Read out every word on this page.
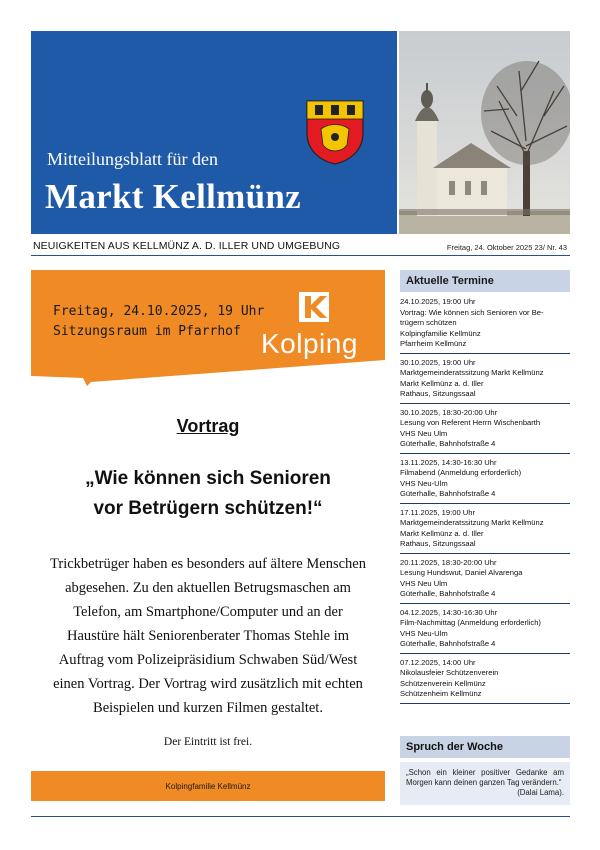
Mitteilungsblatt für den
Markt Kellmünz
NEUIGKEITEN AUS KELLMÜNZ A. D. ILLER UND UMGEBUNG	Freitag, 24. Oktober 2025 23/ Nr. 43
Freitag, 24.10.2025, 19 Uhr
Sitzungsraum im Pfarrhof Kolping
Vortrag
„Wie können sich Senioren
vor Betrügern schützen!“
Trickbetrüger haben es besonders auf ältere Menschen
abgesehen. Zu den aktuellen Betrugsmaschen am
Telefon, am Smartphone/Computer und an der
Haustüre hält Seniorenberater Thomas Stehle im
Auftrag vom Polizeipräsidium Schwaben Süd/West
einen Vortrag. Der Vortrag wird zusätzlich mit echten
Beispielen und kurzen Filmen gestaltet.
Der Eintritt ist frei.
Kolpingfamilie Kellmünz
Aktuelle Termine
24.10.2025, 19:00 Uhr
Vortrag: Wie können sich Senioren vor Be-
trügern schützen
Kolpingfamilie Kellmünz
Pfarrheim Kellmünz
30.10.2025, 19:00 Uhr
Marktgemeinderatssitzung Markt Kellmünz
Markt Kellmünz a. d. Iller
Rathaus, Sitzungssaal
30.10.2025, 18:30-20:00 Uhr
Lesung von Referent Herrn Wischenbarth
VHS Neu Ulm
Güterhalle, Bahnhofstraße 4
13.11.2025, 14:30-16:30 Uhr
Filmabend (Anmeldung erforderlich)
VHS Neu-Ulm
Güterhalle, Bahnhofstraße 4
17.11.2025, 19:00 Uhr
Marktgemeinderatssitzung Markt Kellmünz
Markt Kellmünz a. d. Iller
Rathaus, Sitzungssaal
20.11.2025, 18:30-20:00 Uhr
Lesung Hundswut, Daniel Alvarenga
VHS Neu Ulm
Güterhalle, Bahnhofstraße 4
04.12.2025, 14:30-16:30 Uhr
Film-Nachmittag (Anmeldung erforderlich)
VHS Neu-Ulm
Güterhalle, Bahnhofstraße 4
07.12.2025, 14:00 Uhr
Nikolausfeier Schützenverein
Schützenverein Kellmünz
Schützenheim Kellmünz
Spruch der Woche
„Schon ein kleiner positiver Gedanke am Morgen kann deinen ganzen Tag verändern.“
(Dalai Lama).
